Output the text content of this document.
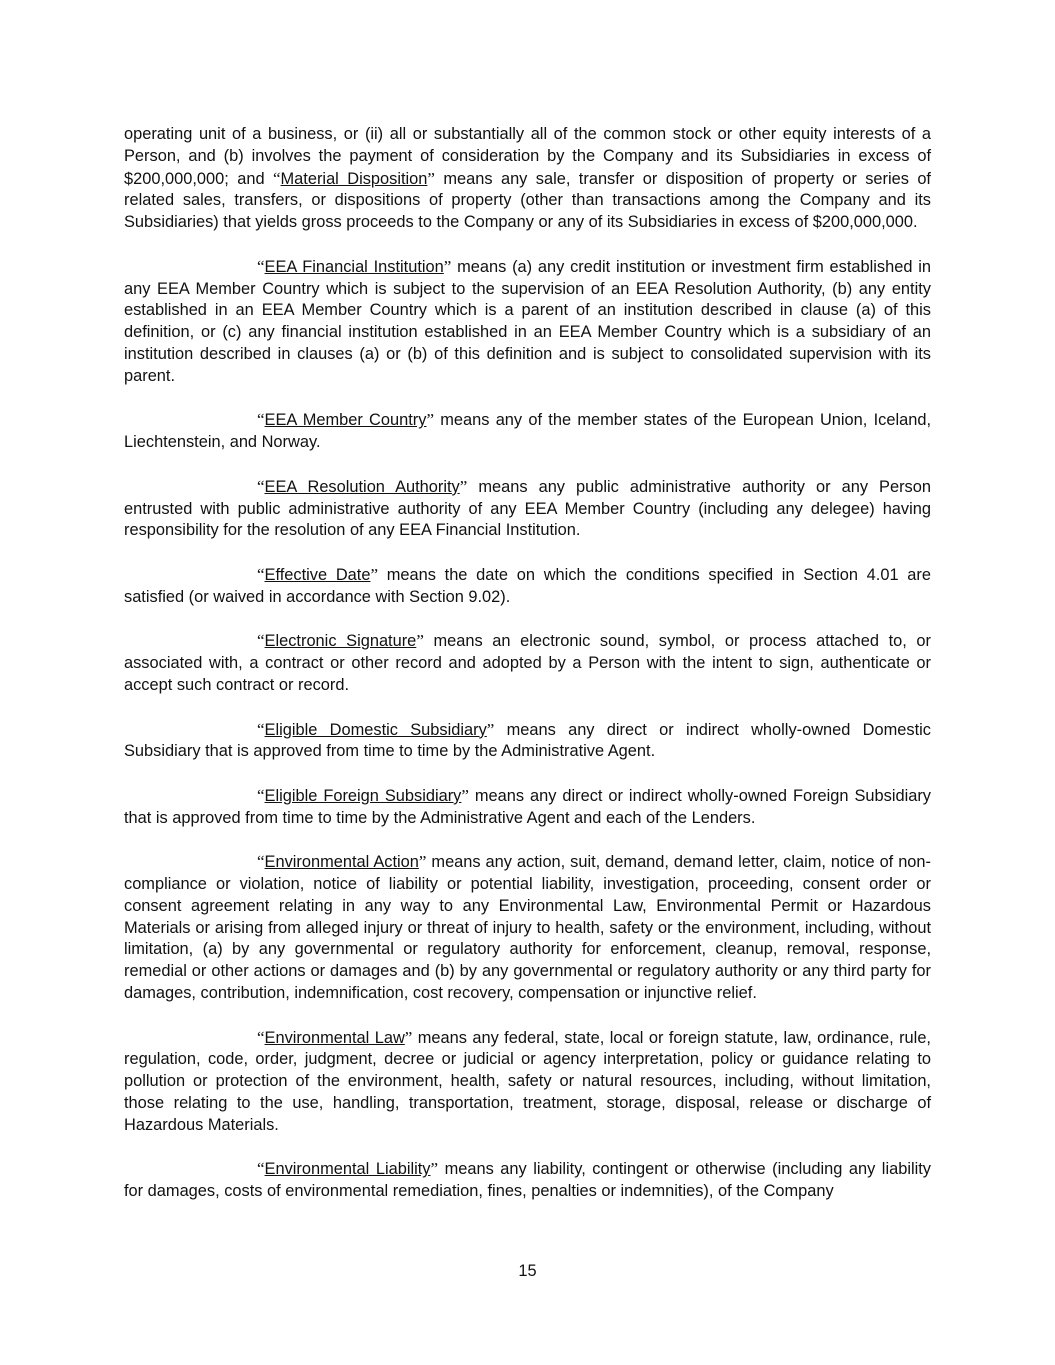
operating unit of a business, or (ii) all or substantially all of the common stock or other equity interests of a Person, and (b) involves the payment of consideration by the Company and its Subsidiaries in excess of $200,000,000; and “Material Disposition” means any sale, transfer or disposition of property or series of related sales, transfers, or dispositions of property (other than transactions among the Company and its Subsidiaries) that yields gross proceeds to the Company or any of its Subsidiaries in excess of $200,000,000.

“EEA Financial Institution” means (a) any credit institution or investment firm established in any EEA Member Country which is subject to the supervision of an EEA Resolution Authority, (b) any entity established in an EEA Member Country which is a parent of an institution described in clause (a) of this definition, or (c) any financial institution established in an EEA Member Country which is a subsidiary of an institution described in clauses (a) or (b) of this definition and is subject to consolidated supervision with its parent.

“EEA Member Country” means any of the member states of the European Union, Iceland, Liechtenstein, and Norway.

“EEA Resolution Authority” means any public administrative authority or any Person entrusted with public administrative authority of any EEA Member Country (including any delegee) having responsibility for the resolution of any EEA Financial Institution.

“Effective Date” means the date on which the conditions specified in Section 4.01 are satisfied (or waived in accordance with Section 9.02).

“Electronic Signature” means an electronic sound, symbol, or process attached to, or associated with, a contract or other record and adopted by a Person with the intent to sign, authenticate or accept such contract or record.

“Eligible Domestic Subsidiary” means any direct or indirect wholly-owned Domestic Subsidiary that is approved from time to time by the Administrative Agent.

“Eligible Foreign Subsidiary” means any direct or indirect wholly-owned Foreign Subsidiary that is approved from time to time by the Administrative Agent and each of the Lenders.

“Environmental Action” means any action, suit, demand, demand letter, claim, notice of non-compliance or violation, notice of liability or potential liability, investigation, proceeding, consent order or consent agreement relating in any way to any Environmental Law, Environmental Permit or Hazardous Materials or arising from alleged injury or threat of injury to health, safety or the environment, including, without limitation, (a) by any governmental or regulatory authority for enforcement, cleanup, removal, response, remedial or other actions or damages and (b) by any governmental or regulatory authority or any third party for damages, contribution, indemnification, cost recovery, compensation or injunctive relief.

“Environmental Law” means any federal, state, local or foreign statute, law, ordinance, rule, regulation, code, order, judgment, decree or judicial or agency interpretation, policy or guidance relating to pollution or protection of the environment, health, safety or natural resources, including, without limitation, those relating to the use, handling, transportation, treatment, storage, disposal, release or discharge of Hazardous Materials.

“Environmental Liability” means any liability, contingent or otherwise (including any liability for damages, costs of environmental remediation, fines, penalties or indemnities), of the Company

15
